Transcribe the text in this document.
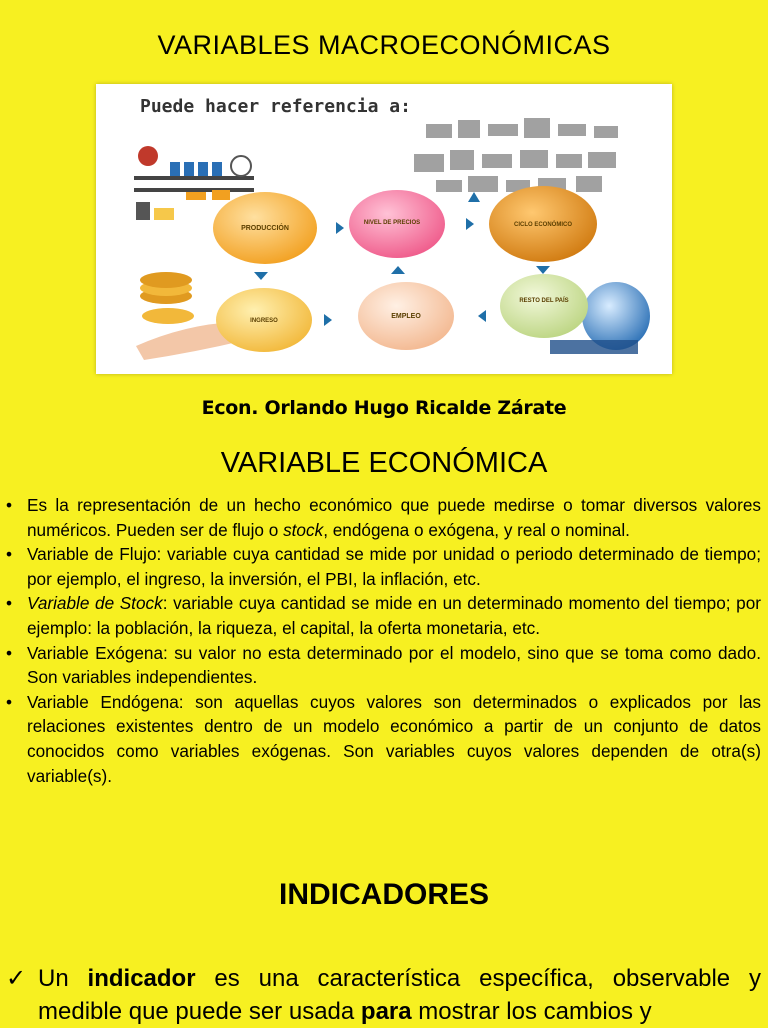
VARIABLES MACROECONÓMICAS
Puede hacer referencia a:
PRODUCCIÓN
NIVEL DE PRECIOS	CICLO ECONÓMICO
INGRESO
EMPLEO
RESTO DEL PAÍS
Econ. Orlando Hugo Ricalde Zárate
VARIABLE ECONÓMICA
• Es la representación de un hecho económico que puede medirse o tomar diversos valores numéricos. Pueden ser de flujo o stock, endógena o exógena, y real o nominal.
• Variable de Flujo: variable cuya cantidad se mide por unidad o periodo determinado de tiempo; por ejemplo, el ingreso, la inversión, el PBI, la inflación, etc.
• Variable de Stock: variable cuya cantidad se mide en un determinado momento del tiempo; por ejemplo: la población, la riqueza, el capital, la oferta monetaria, etc.
• Variable Exógena: su valor no esta determinado por el modelo, sino que se toma como dado. Son variables independientes.
• Variable Endógena: son aquellas cuyos valores son determinados o explicados por las relaciones existentes dentro de un modelo económico a partir de un conjunto de datos conocidos como variables exógenas. Son variables cuyos valores dependen de otra(s) variable(s).
INDICADORES
✓ Un indicador es una característica específica, observable y medible que puede ser usada para mostrar los cambios y
